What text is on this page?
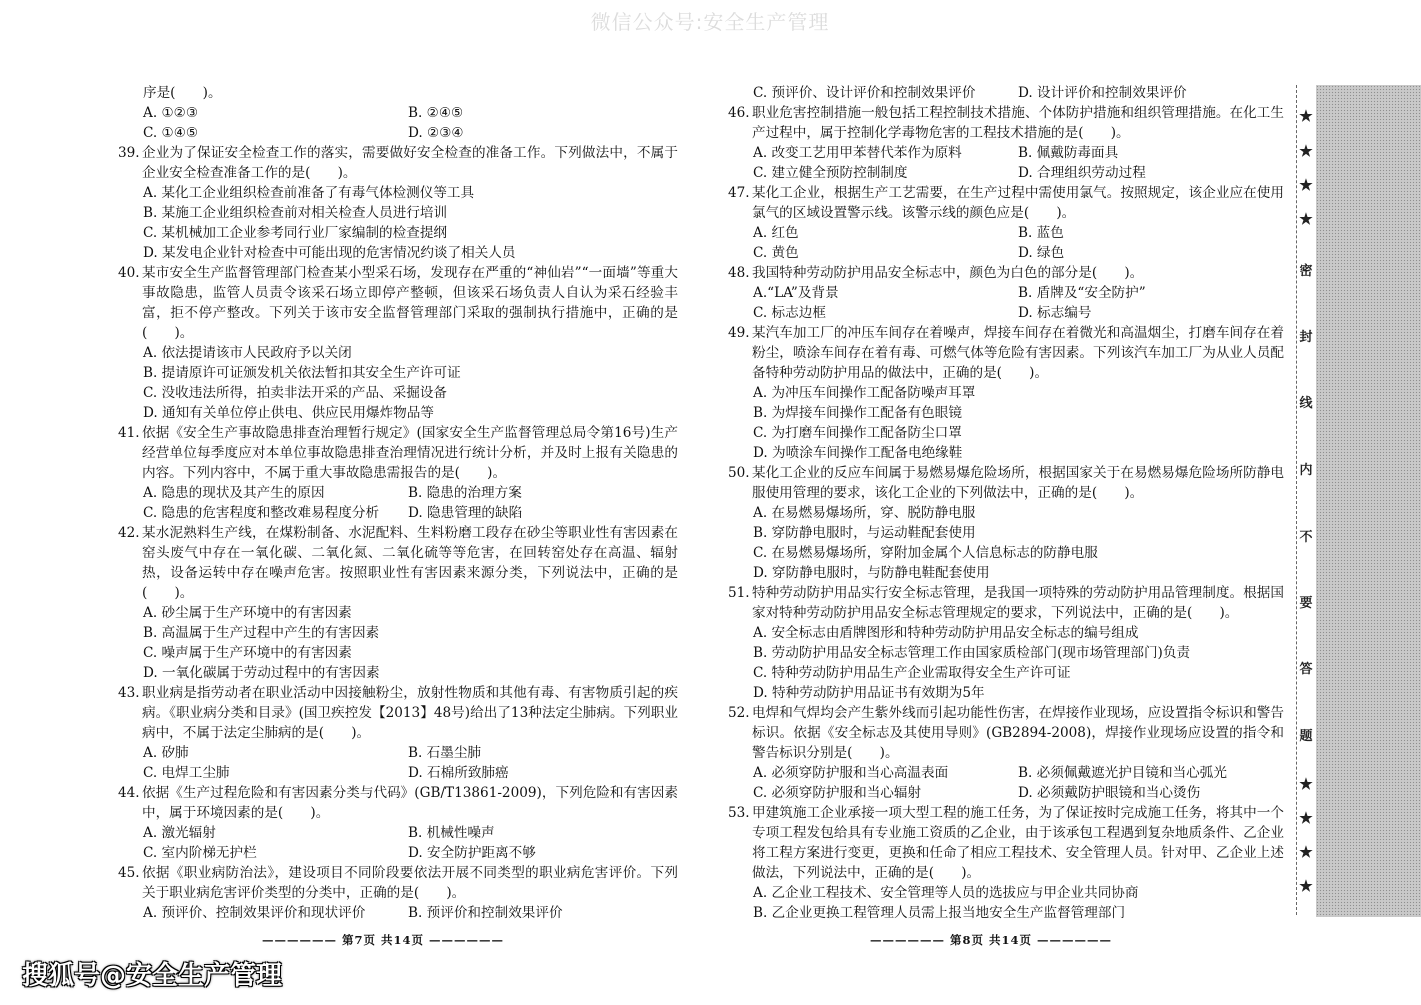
微信公众号:安全生产管理
序是(　　)。
A. ①②③	B. ②④⑤
C. ①④⑤	D. ②③④
39. 企业为了保证安全检查工作的落实，需要做好安全检查的准备工作。下列做法中，不属于企业安全检查准备工作的是(　　)。
A. 某化工企业组织检查前准备了有毒气体检测仪等工具
B. 某施工企业组织检查前对相关检查人员进行培训
C. 某机械加工企业参考同行业厂家编制的检查提纲
D. 某发电企业针对检查中可能出现的危害情况约谈了相关人员
40. 某市安全生产监督管理部门检查某小型采石场，发现存在严重的“神仙岩”“一面墙”等重大事故隐患，监管人员责令该采石场立即停产整顿，但该采石场负责人自认为采石经验丰富，拒不停产整改。下列关于该市安全监督管理部门采取的强制执行措施中，正确的是(　　)。
A. 依法提请该市人民政府予以关闭
B. 提请原许可证颁发机关依法暂扣其安全生产许可证
C. 没收违法所得，拍卖非法开采的产品、采掘设备
D. 通知有关单位停止供电、供应民用爆炸物品等
41. 依据《安全生产事故隐患排查治理暂行规定》(国家安全生产监督管理总局令第16号)生产经营单位每季度应对本单位事故隐患排查治理情况进行统计分析，并及时上报有关隐患的内容。下列内容中，不属于重大事故隐患需报告的是(　　)。
A. 隐患的现状及其产生的原因	B. 隐患的治理方案
C. 隐患的危害程度和整改难易程度分析	D. 隐患管理的缺陷
42. 某水泥熟料生产线，在煤粉制备、水泥配料、生料粉磨工段存在砂尘等职业性有害因素在窑头废气中存在一氧化碳、二氧化氮、二氧化硫等等危害，在回转窑处存在高温、辐射热，设备运转中存在噪声危害。按照职业性有害因素来源分类，下列说法中，正确的是(　　)。
A. 砂尘属于生产环境中的有害因素
B. 高温属于生产过程中产生的有害因素
C. 噪声属于生产环境中的有害因素
D. 一氧化碳属于劳动过程中的有害因素
43. 职业病是指劳动者在职业活动中因接触粉尘，放射性物质和其他有毒、有害物质引起的疾病。《职业病分类和目录》(国卫疾控发【2013】48号)给出了13种法定尘肺病。下列职业病中，不属于法定尘肺病的是(　　)。
A. 矽肺	B. 石墨尘肺
C. 电焊工尘肺	D. 石棉所致肺癌
44. 依据《生产过程危险和有害因素分类与代码》(GB/T13861-2009)，下列危险和有害因素中，属于环境因素的是(　　)。
A. 激光辐射	B. 机械性噪声
C. 室内阶梯无护栏	D. 安全防护距离不够
45. 依据《职业病防治法》，建设项目不同阶段要依法开展不同类型的职业病危害评价。下列关于职业病危害评价类型的分类中，正确的是(　　)。
A. 预评价、控制效果评价和现状评价	B. 预评价和控制效果评价
C. 预评价、设计评价和控制效果评价	D. 设计评价和控制效果评价
46. 职业危害控制措施一般包括工程控制技术措施、个体防护措施和组织管理措施。在化工生产过程中，属于控制化学毒物危害的工程技术措施的是(　　)。
A. 改变工艺用甲苯替代苯作为原料	B. 佩戴防毒面具
C. 建立健全预防控制制度	D. 合理组织劳动过程
47. 某化工企业，根据生产工艺需要，在生产过程中需使用氯气。按照规定，该企业应在使用氯气的区域设置警示线。该警示线的颜色应是(　　)。
A. 红色	B. 蓝色
C. 黄色	D. 绿色
48. 我国特种劳动防护用品安全标志中，颜色为白色的部分是(　　)。
A.“LA”及背景	B. 盾牌及“安全防护”
C. 标志边框	D. 标志编号
49. 某汽车加工厂的冲压车间存在着噪声，焊接车间存在着微光和高温烟尘，打磨车间存在着粉尘，喷涂车间存在着有毒、可燃气体等危险有害因素。下列该汽车加工厂为从业人员配备特种劳动防护用品的做法中，正确的是(　　)。
A. 为冲压车间操作工配备防噪声耳罩
B. 为焊接车间操作工配备有色眼镜
C. 为打磨车间操作工配备防尘口罩
D. 为喷涂车间操作工配备电绝缘鞋
50. 某化工企业的反应车间属于易燃易爆危险场所，根据国家关于在易燃易爆危险场所防静电服使用管理的要求，该化工企业的下列做法中，正确的是(　　)。
A. 在易燃易爆场所，穿、脱防静电服
B. 穿防静电服时，与运动鞋配套使用
C. 在易燃易爆场所，穿附加金属个人信息标志的防静电服
D. 穿防静电服时，与防静电鞋配套使用
51. 特种劳动防护用品实行安全标志管理，是我国一项特殊的劳动防护用品管理制度。根据国家对特种劳动防护用品安全标志管理规定的要求，下列说法中，正确的是(　　)。
A. 安全标志由盾牌图形和特种劳动防护用品安全标志的编号组成
B. 劳动防护用品安全标志管理工作由国家质检部门(现市场管理部门)负责
C. 特种劳动防护用品生产企业需取得安全生产许可证
D. 特种劳动防护用品证书有效期为5年
52. 电焊和气焊均会产生紫外线而引起功能性伤害，在焊接作业现场，应设置指令标识和警告标识。依据《安全标志及其使用导则》(GB2894-2008)，焊接作业现场应设置的指令和警告标识分别是(　　)。
A. 必须穿防护服和当心高温表面	B. 必须佩戴遮光护目镜和当心弧光
C. 必须穿防护服和当心辐射	D. 必须戴防护眼镜和当心烫伤
53. 甲建筑施工企业承接一项大型工程的施工任务，为了保证按时完成施工任务，将其中一个专项工程发包给具有专业施工资质的乙企业，由于该承包工程遇到复杂地质条件、乙企业将工程方案进行变更，更换和任命了相应工程技术、安全管理人员。针对甲、乙企业上述做法，下列说法中，正确的是(　　)。
A. 乙企业工程技术、安全管理等人员的选拔应与甲企业共同协商
B. 乙企业更换工程管理人员需上报当地安全生产监督管理部门
—————— 第7页 共14页 ——————	—————— 第8页 共14页 ——————
★
★
★
★
密
封
线
内
不
要
答
题
★
★
★
★
搜狐号@安全生产管理
